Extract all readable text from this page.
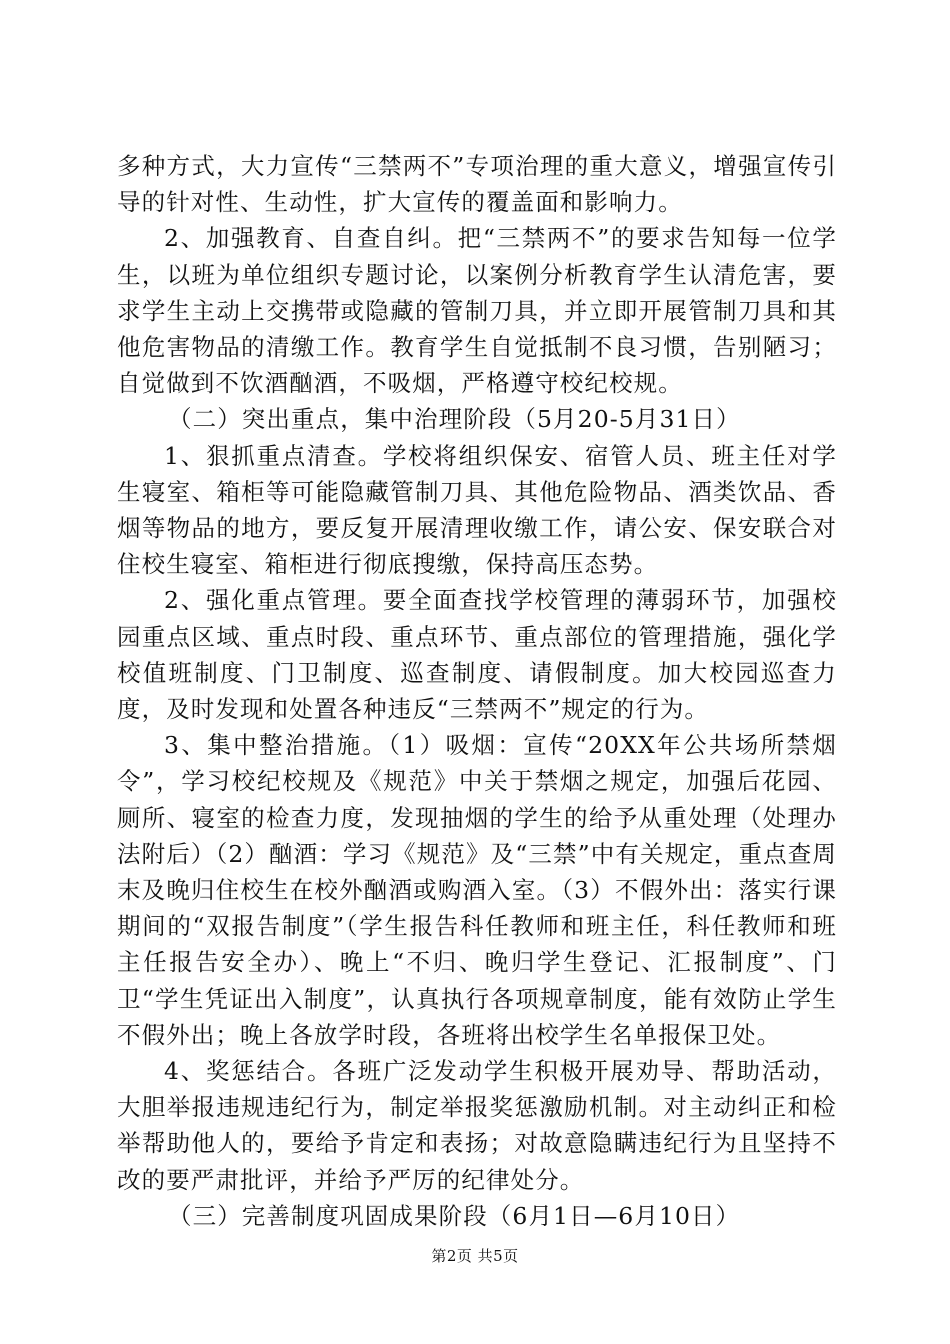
多种方式，大力宣传“三禁两不”专项治理的重大意义，增强宣传引导的针对性、生动性，扩大宣传的覆盖面和影响力。

2、加强教育、自查自纠。把“三禁两不”的要求告知每一位学生，以班为单位组织专题讨论，以案例分析教育学生认清危害，要求学生主动上交携带或隐藏的管制刀具，并立即开展管制刀具和其他危害物品的清缴工作。教育学生自觉抵制不良习惯，告别陋习；自觉做到不饮酒酗酒，不吸烟，严格遵守校纪校规。

（二）突出重点，集中治理阶段（5月20-5月31日）

1、狠抓重点清查。学校将组织保安、宿管人员、班主任对学生寝室、箱柜等可能隐藏管制刀具、其他危险物品、酒类饮品、香烟等物品的地方，要反复开展清理收缴工作，请公安、保安联合对住校生寝室、箱柜进行彻底搜缴，保持高压态势。

2、强化重点管理。要全面查找学校管理的薄弱环节，加强校园重点区域、重点时段、重点环节、重点部位的管理措施，强化学校值班制度、门卫制度、巡查制度、请假制度。加大校园巡查力度，及时发现和处置各种违反“三禁两不”规定的行为。

3、集中整治措施。（1）吸烟：宣传“20XX年公共场所禁烟令”，学习校纪校规及《规范》中关于禁烟之规定，加强后花园、厕所、寝室的检查力度，发现抽烟的学生的给予从重处理（处理办法附后）（2）酗酒：学习《规范》及“三禁”中有关规定，重点查周末及晚归住校生在校外酗酒或购酒入室。（3）不假外出：落实行课期间的“双报告制度”（学生报告科任教师和班主任，科任教师和班主任报告安全办）、晚上“不归、晚归学生登记、汇报制度”、门卫“学生凭证出入制度”，认真执行各项规章制度，能有效防止学生不假外出；晚上各放学时段，各班将出校学生名单报保卫处。

4、奖惩结合。各班广泛发动学生积极开展劝导、帮助活动，大胆举报违规违纪行为，制定举报奖惩激励机制。对主动纠正和检举帮助他人的，要给予肯定和表扬；对故意隐瞒违纪行为且坚持不改的要严肃批评，并给予严厉的纪律处分。

（三）完善制度巩固成果阶段（6月1日—6月10日）

第2页 共5页
